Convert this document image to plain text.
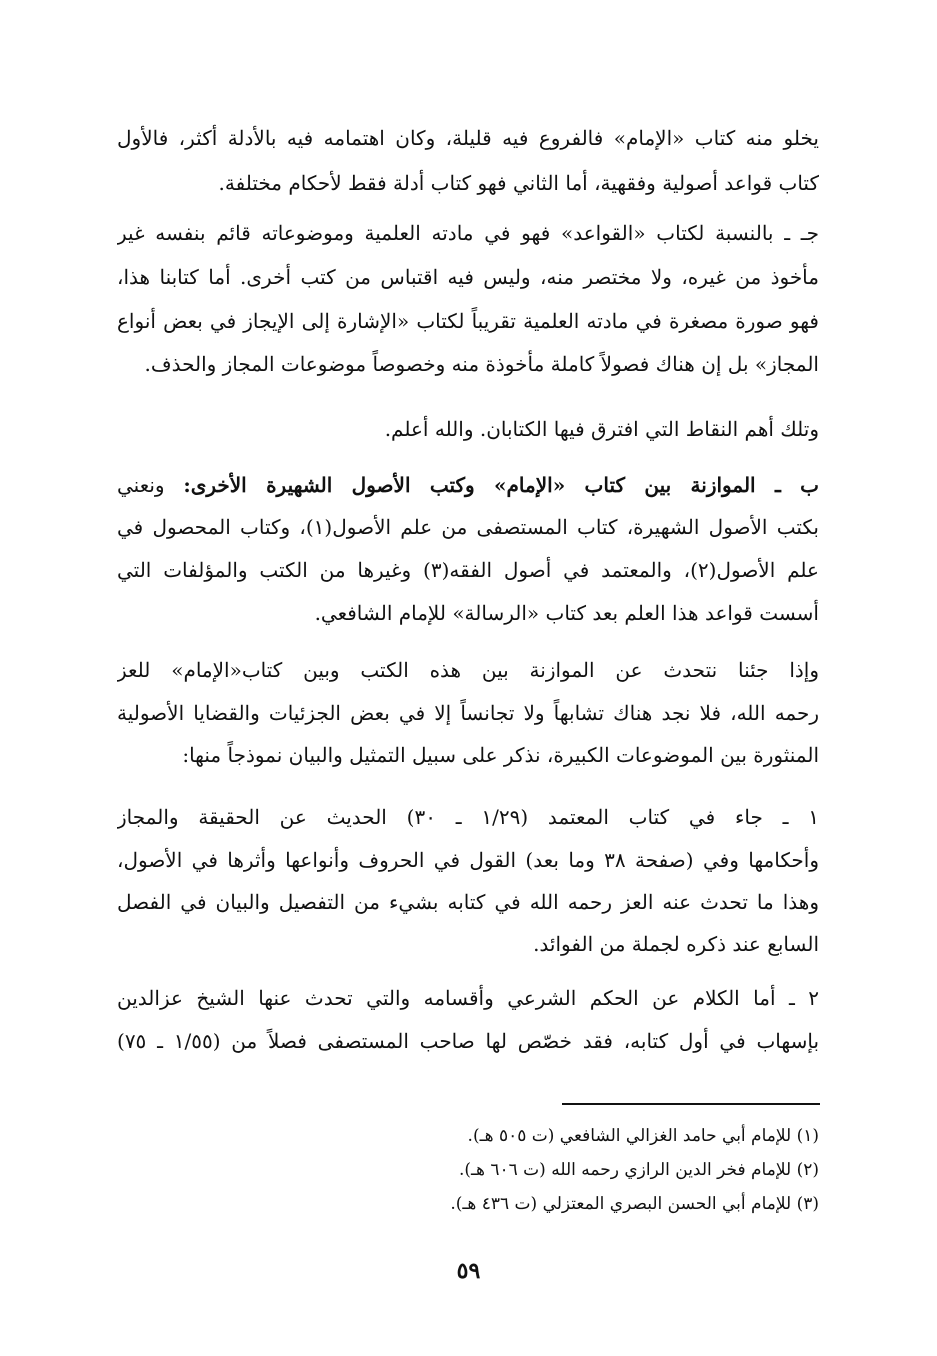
يخلو منه كتاب «الإمام» فالفروع فيه قليلة، وكان اهتمامه فيه بالأدلة أكثر، فالأول
كتاب قواعد أصولية وفقهية، أما الثاني فهو كتاب أدلة فقط لأحكام مختلفة.
جـ ـ بالنسبة لكتاب «القواعد» فهو في مادته العلمية وموضوعاته قائم بنفسه غير
مأخوذ من غيره، ولا مختصر منه، وليس فيه اقتباس من كتب أخرى. أما كتابنا هذا،
فهو صورة مصغرة في مادته العلمية تقريباً لكتاب «الإشارة إلى الإيجاز في بعض أنواع
المجاز» بل إن هناك فصولاً كاملة مأخوذة منه وخصوصاً موضوعات المجاز والحذف.
وتلك أهم النقاط التي افترق فيها الكتابان. والله أعلم.
ب ـ الموازنة بين كتاب «الإمام» وكتب الأصول الشهيرة الأخرى: ونعني
بكتب الأصول الشهيرة، كتاب المستصفى من علم الأصول(١)، وكتاب المحصول في
علم الأصول(٢)، والمعتمد في أصول الفقه(٣) وغيرها من الكتب والمؤلفات التي
أسست قواعد هذا العلم بعد كتاب «الرسالة» للإمام الشافعي.
وإذا جئنا نتحدث عن الموازنة بين هذه الكتب وبين كتاب«الإمام» للعز
رحمه الله، فلا نجد هناك تشابهاً ولا تجانساً إلا في بعض الجزئيات والقضايا الأصولية
المنثورة بين الموضوعات الكبيرة، نذكر على سبيل التمثيل والبيان نموذجاً منها:
١ ـ جاء في كتاب المعتمد (١/٢٩ ـ ٣٠) الحديث عن الحقيقة والمجاز
وأحكامها وفي (صفحة ٣٨ وما بعد) القول في الحروف وأنواعها وأثرها في الأصول،
وهذا ما تحدث عنه العز رحمه الله في كتابه بشيء من التفصيل والبيان في الفصل
السابع عند ذكره لجملة من الفوائد.
٢ ـ أما الكلام عن الحكم الشرعي وأقسامه والتي تحدث عنها الشيخ عزالدين
بإسهاب في أول كتابه، فقد خصّص لها صاحب المستصفى فصلاً من (١/٥٥ ـ ٧٥)
(١) للإمام أبي حامد الغزالي الشافعي (ت ٥٠٥ هـ).
(٢) للإمام فخر الدين الرازي رحمه الله (ت ٦٠٦ هـ).
(٣) للإمام أبي الحسن البصري المعتزلي (ت ٤٣٦ هـ).
٥٩
